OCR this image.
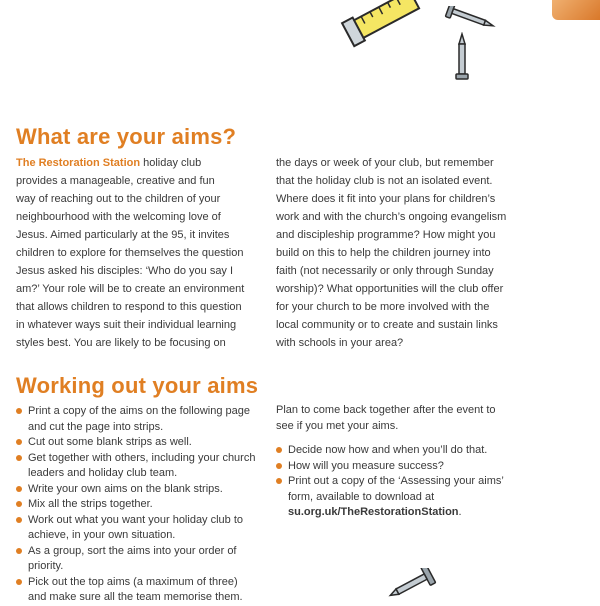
What are your aims?
The Restoration Station holiday club
provides a manageable, creative and fun
way of reaching out to the children of your
neighbourhood with the welcoming love of
Jesus. Aimed particularly at the 95, it invites
children to explore for themselves the question
Jesus asked his disciples: ‘Who do you say I
am?’ Your role will be to create an environment
that allows children to respond to this question
in whatever ways suit their individual learning
styles best. You are likely to be focusing on
the days or week of your club, but remember
that the holiday club is not an isolated event.
Where does it fit into your plans for children’s
work and with the church’s ongoing evangelism
and discipleship programme? How might you
build on this to help the children journey into
faith (not necessarily or only through Sunday
worship)? What opportunities will the club offer
for your church to be more involved with the
local community or to create and sustain links
with schools in your area?
Working out your aims
Print a copy of the aims on the following page
and cut the page into strips.
Cut out some blank strips as well.
Get together with others, including your church
leaders and holiday club team.
Write your own aims on the blank strips.
Mix all the strips together.
Work out what you want your holiday club to
achieve, in your own situation.
As a group, sort the aims into your order of
priority.
Pick out the top aims (a maximum of three)
and make sure all the team memorise them.
Plan to come back together after the event to
see if you met your aims.
Decide now how and when you’ll do that.
How will you measure success?
Print out a copy of the ‘Assessing your aims’
form, available to download at
su.org.uk/TheRestorationStation.
